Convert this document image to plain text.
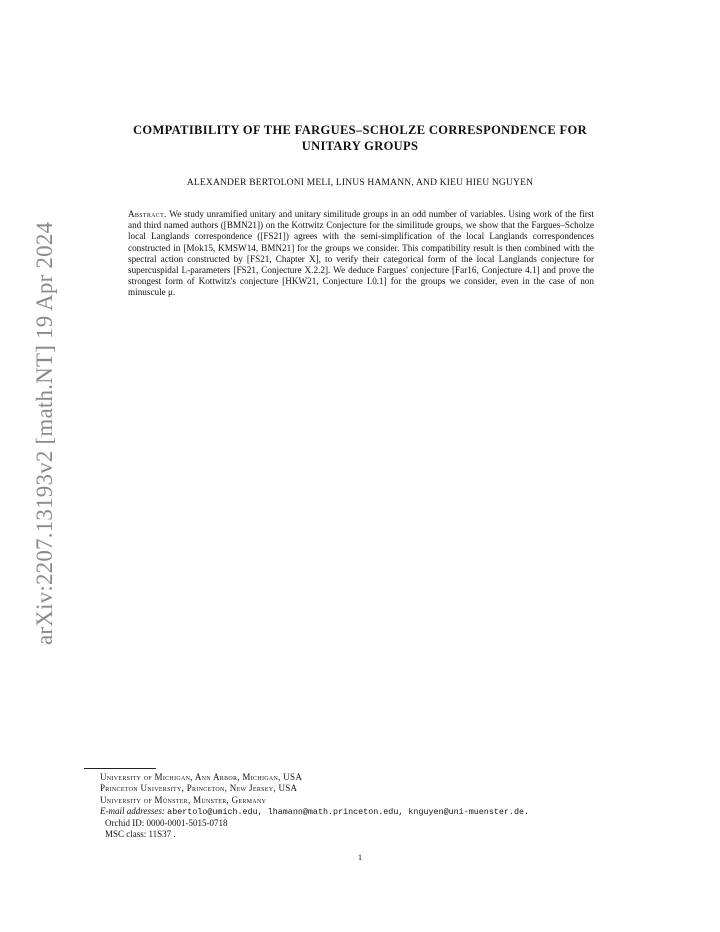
arXiv:2207.13193v2 [math.NT] 19 Apr 2024
COMPATIBILITY OF THE FARGUES–SCHOLZE CORRESPONDENCE FOR
UNITARY GROUPS
ALEXANDER BERTOLONI MELI, LINUS HAMANN, AND KIEU HIEU NGUYEN
Abstract. We study unramified unitary and unitary similitude groups in an odd number of variables. Using work of the first and third named authors ([BMN21]) on the Kottwitz Conjecture for the similitude groups, we show that the Fargues–Scholze local Langlands correspondence ([FS21]) agrees with the semi-simplification of the local Langlands correspondences constructed in [Mok15, KMSW14, BMN21] for the groups we consider. This compatibility result is then combined with the spectral action constructed by [FS21, Chapter X], to verify their categorical form of the local Langlands conjecture for supercuspidal L-parameters [FS21, Conjecture X.2.2]. We deduce Fargues' conjecture [Far16, Conjecture 4.1] and prove the strongest form of Kottwitz's conjecture [HKW21, Conjecture I.0.1] for the groups we consider, even in the case of non minuscule μ.
University of Michigan, Ann Arbor, Michigan, USA
Princeton University, Princeton, New Jersey, USA
University of Münster, Münster, Germany
E-mail addresses: abertolo@umich.edu, lhamann@math.princeton.edu, knguyen@uni-muenster.de.
Orchid ID: 0000-0001-5015-0718
MSC class: 11S37 .
1
